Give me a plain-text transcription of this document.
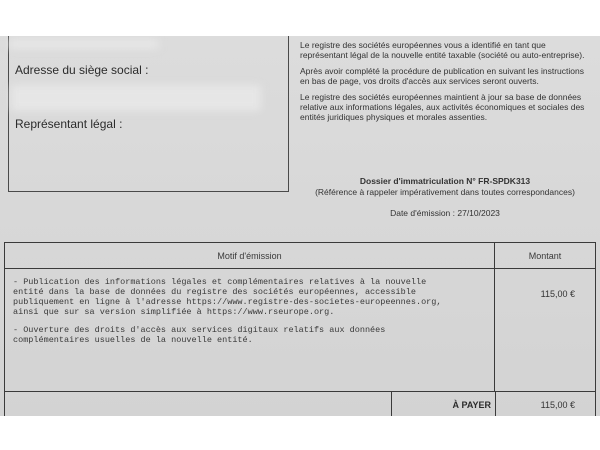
Adresse du siège social :
Représentant légal :

Le registre des sociétés européennes vous a identifié en tant que représentant légal de la nouvelle entité taxable (société ou auto-entreprise).

Après avoir complété la procédure de publication en suivant les instructions en bas de page, vos droits d'accès aux services seront ouverts.

Le registre des sociétés européennes maintient à jour sa base de données relative aux informations légales, aux activités économiques et sociales des entités juridiques physiques et morales assenties.

Dossier d'immatriculation N° FR-SPDK313
(Référence à rappeler impérativement dans toutes correspondances)
Date d'émission : 27/10/2023
Motif d'émission	Montant
- Publication des informations légales et complémentaires relatives à la nouvelle
entité dans la base de données du registre des sociétés européennes, accessible
publiquement en ligne à l'adresse https://www.registre-des-societes-europeennes.org,
ainsi que sur sa version simplifiée à https://www.rseurope.org.
- Ouverture des droits d'accès aux services digitaux relatifs aux données
complémentaires usuelles de la nouvelle entité.
115,00 €
À PAYER	115,00 €
